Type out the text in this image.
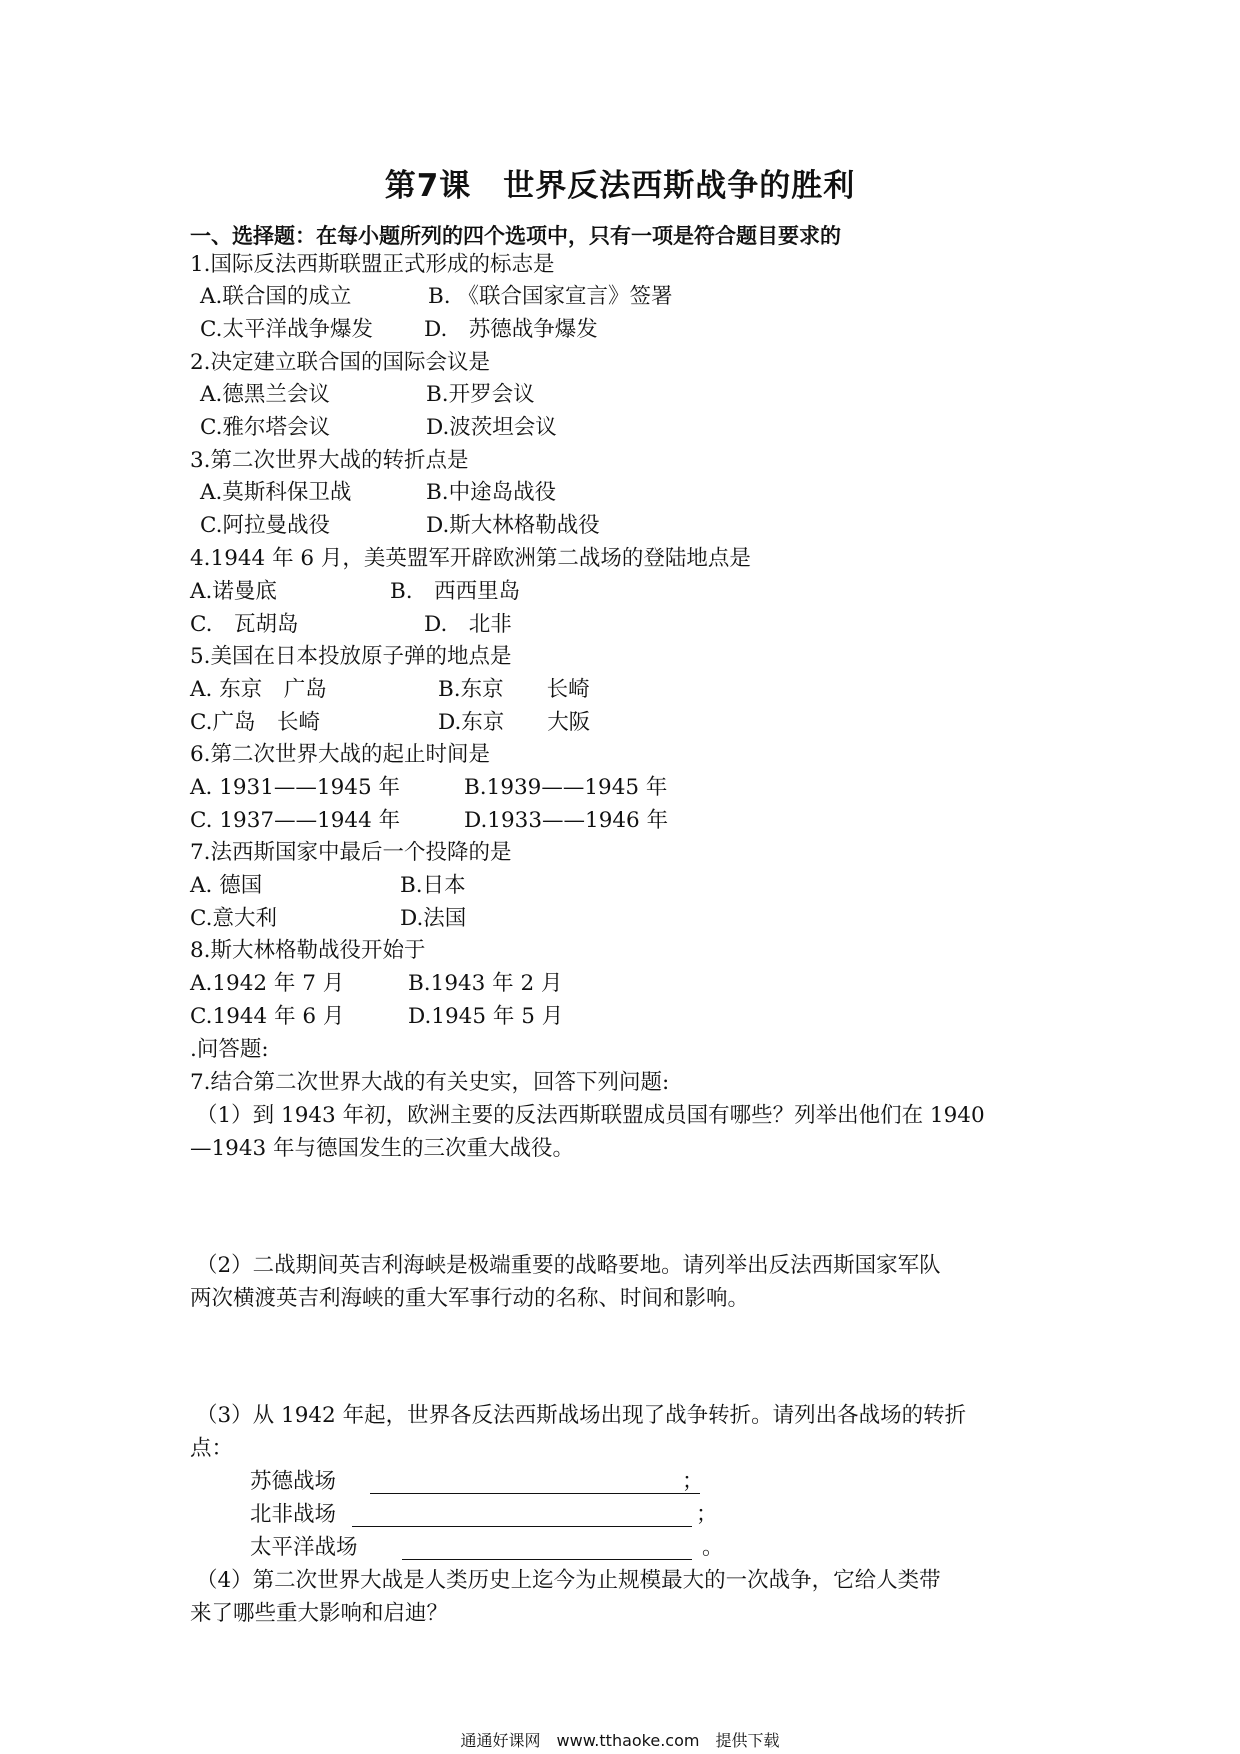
第7课　世界反法西斯战争的胜利
一、选择题：在每小题所列的四个选项中，只有一项是符合题目要求的
1.国际反法西斯联盟正式形成的标志是
A.联合国的成立	B. 《联合国家宣言》签署
C.太平洋战争爆发 D.　苏德战争爆发
2.决定建立联合国的国际会议是
A.德黑兰会议	B.开罗会议
C.雅尔塔会议	D.波茨坦会议
3.第二次世界大战的转折点是
A.莫斯科保卫战	B.中途岛战役
C.阿拉曼战役	D.斯大林格勒战役
4.1944 年 6 月，美英盟军开辟欧洲第二战场的登陆地点是
A.诺曼底	B.　西西里岛
C.　瓦胡岛	D.　北非
5.美国在日本投放原子弹的地点是
A. 东京　广岛	B.东京　　长崎
C.广岛　长崎	D.东京　　大阪
6.第二次世界大战的起止时间是
A. 1931——1945 年	B.1939——1945 年
C. 1937——1944 年	D.1933——1946 年
7.法西斯国家中最后一个投降的是
A. 德国	B.日本
C.意大利	D.法国
8.斯大林格勒战役开始于
A.1942 年 7 月	B.1943 年 2 月
C.1944 年 6 月	D.1945 年 5 月
.问答题:
7.结合第二次世界大战的有关史实，回答下列问题:
（1）到 1943 年初，欧洲主要的反法西斯联盟成员国有哪些？列举出他们在 1940
—1943 年与德国发生的三次重大战役。
（2）二战期间英吉利海峡是极端重要的战略要地。请列举出反法西斯国家军队
两次横渡英吉利海峡的重大军事行动的名称、时间和影响。
（3）从 1942 年起，世界各反法西斯战场出现了战争转折。请列出各战场的转折
点：
苏德战场	；
北非战场	；
太平洋战场	。
（4）第二次世界大战是人类历史上迄今为止规模最大的一次战争，它给人类带
来了哪些重大影响和启迪？
通通好课网　www.tthaoke.com　提供下载
